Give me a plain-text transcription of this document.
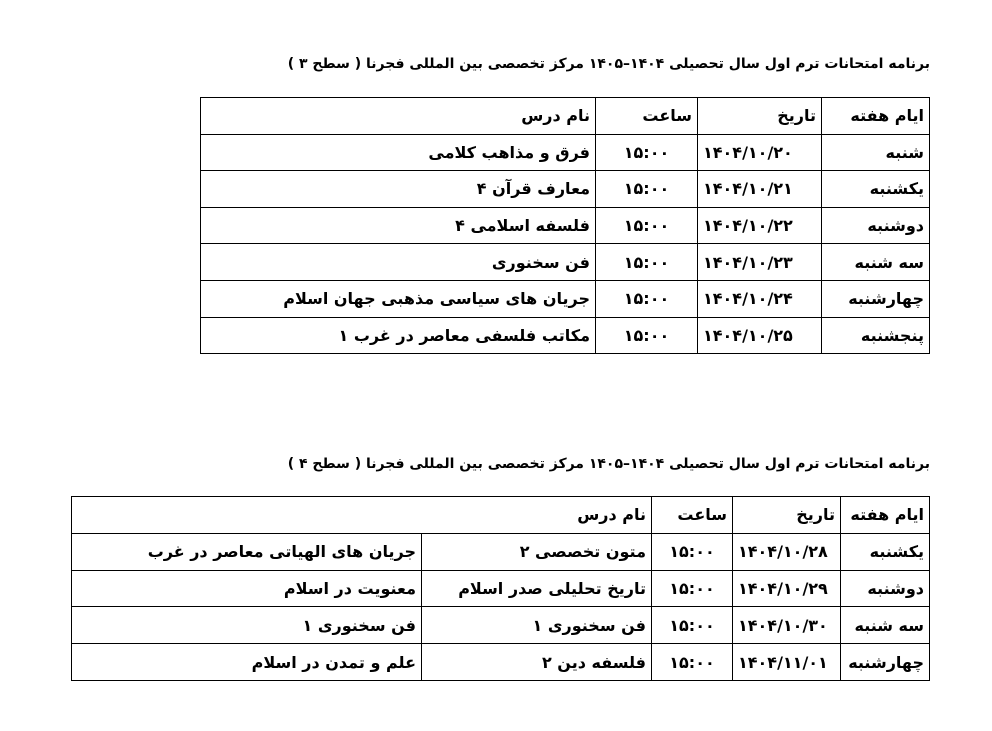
برنامه امتحانات ترم اول سال تحصیلی ۱۴۰۴–۱۴۰۵ مرکز تخصصی بین المللی فجرنا ( سطح ۳ )
ایام هفته	تاریخ	ساعت	نام درس
شنبه	۱۴۰۴/۱۰/۲۰	۱۵:۰۰	فرق و مذاهب کلامی
یکشنبه	۱۴۰۴/۱۰/۲۱	۱۵:۰۰	معارف قرآن ۴
دوشنبه	۱۴۰۴/۱۰/۲۲	۱۵:۰۰	فلسفه اسلامی ۴
سه شنبه	۱۴۰۴/۱۰/۲۳	۱۵:۰۰	فن سخنوری
چهارشنبه	۱۴۰۴/۱۰/۲۴	۱۵:۰۰	جریان های سیاسی مذهبی جهان اسلام
پنجشنبه	۱۴۰۴/۱۰/۲۵	۱۵:۰۰	مکاتب فلسفی معاصر در غرب ۱
برنامه امتحانات ترم اول سال تحصیلی ۱۴۰۴–۱۴۰۵ مرکز تخصصی بین المللی فجرنا ( سطح ۴ )
ایام هفته	تاریخ	ساعت	نام درس	
یکشنبه	۱۴۰۴/۱۰/۲۸	۱۵:۰۰	متون تخصصی ۲	جریان های الهیاتی معاصر در غرب
دوشنبه	۱۴۰۴/۱۰/۲۹	۱۵:۰۰	تاریخ تحلیلی صدر اسلام	معنویت در اسلام
سه شنبه	۱۴۰۴/۱۰/۳۰	۱۵:۰۰	فن سخنوری ۱	فن سخنوری ۱
چهارشنبه	۱۴۰۴/۱۱/۰۱	۱۵:۰۰	فلسفه دین ۲	علم و تمدن در اسلام
